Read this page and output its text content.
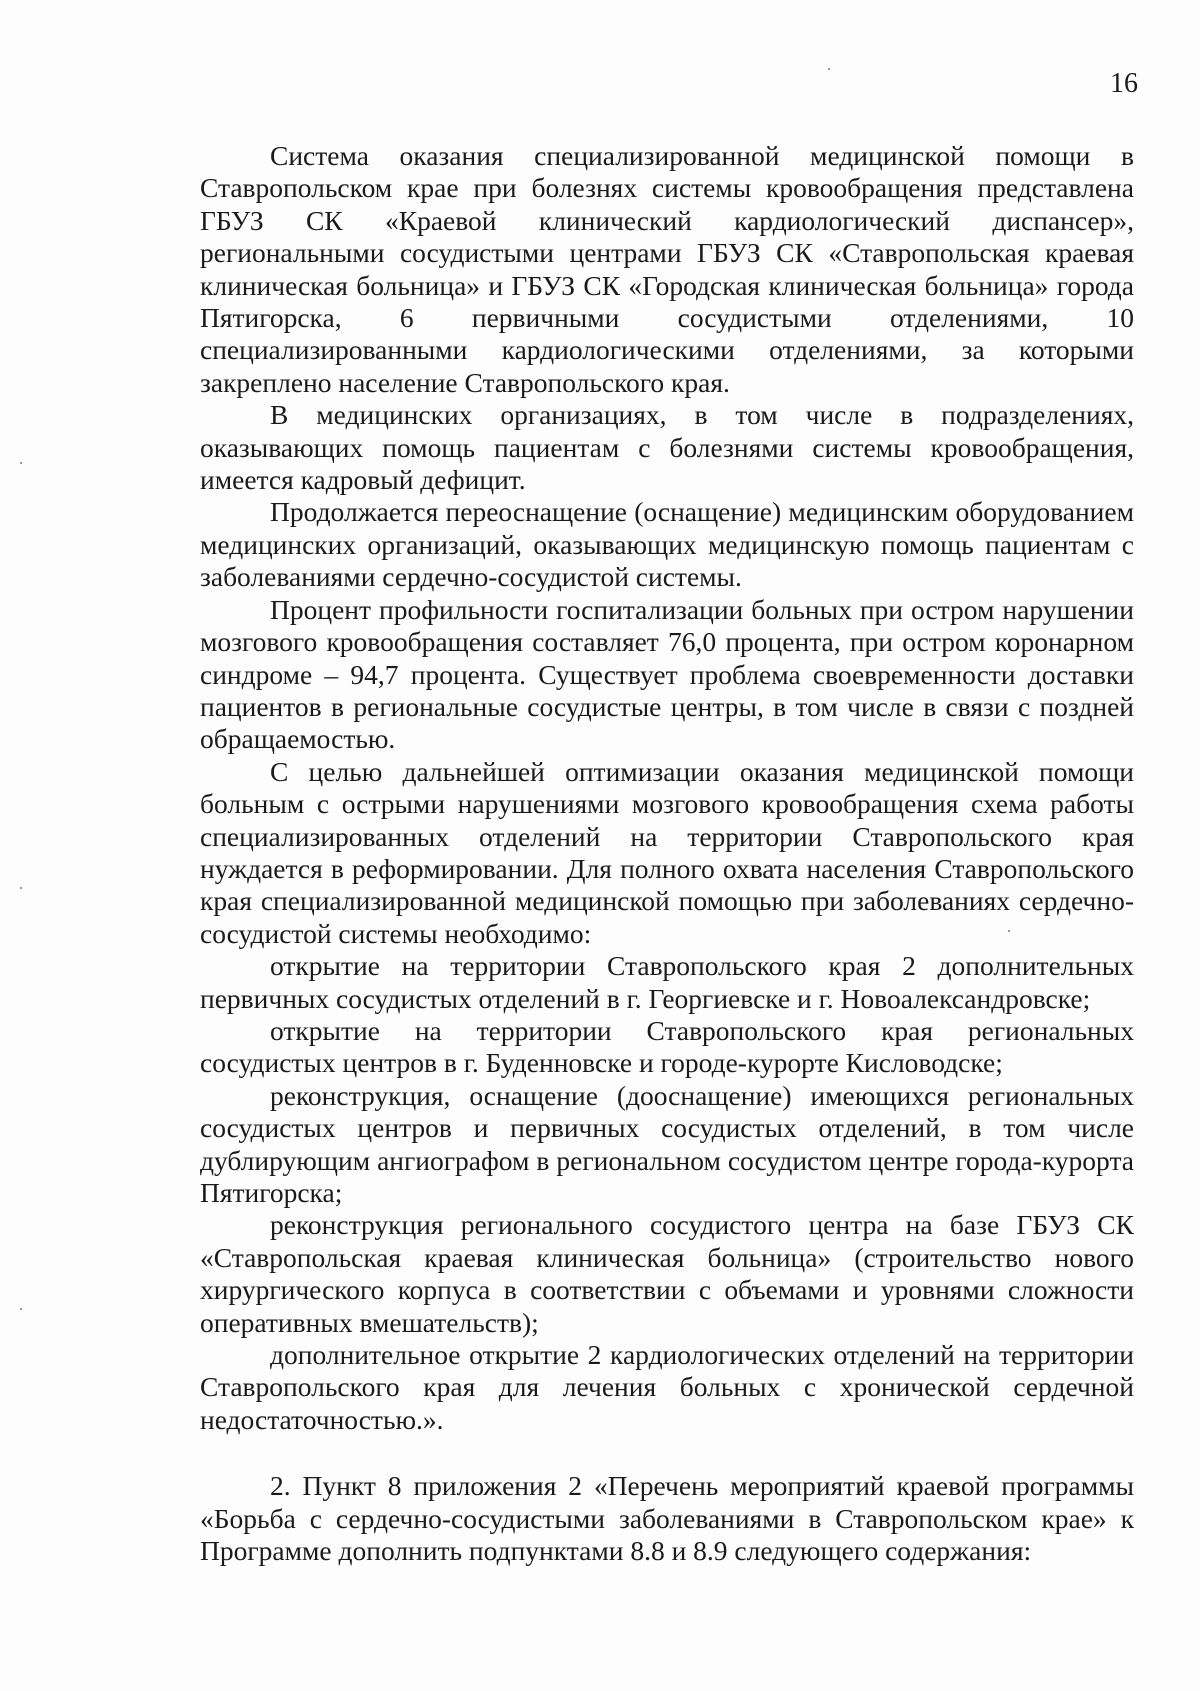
16

Система оказания специализированной медицинской помощи в Ставропольском крае при болезнях системы кровообращения представлена ГБУЗ СК «Краевой клинический кардиологический диспансер», региональными сосудистыми центрами ГБУЗ СК «Ставропольская краевая клиническая больница» и ГБУЗ СК «Городская клиническая больница» города Пятигорска, 6 первичными сосудистыми отделениями, 10 специализированными кардиологическими отделениями, за которыми закреплено население Ставропольского края.

В медицинских организациях, в том числе в подразделениях, оказывающих помощь пациентам с болезнями системы кровообращения, имеется кадровый дефицит.

Продолжается переоснащение (оснащение) медицинским оборудованием медицинских организаций, оказывающих медицинскую помощь пациентам с заболеваниями сердечно-сосудистой системы.

Процент профильности госпитализации больных при остром нарушении мозгового кровообращения составляет 76,0 процента, при остром коронарном синдроме – 94,7 процента. Существует проблема своевременности доставки пациентов в региональные сосудистые центры, в том числе в связи с поздней обращаемостью.

С целью дальнейшей оптимизации оказания медицинской помощи больным с острыми нарушениями мозгового кровообращения схема работы специализированных отделений на территории Ставропольского края нуждается в реформировании. Для полного охвата населения Ставропольского края специализированной медицинской помощью при заболеваниях сердечно-сосудистой системы необходимо:

открытие на территории Ставропольского края 2 дополнительных первичных сосудистых отделений в г. Георгиевске и г. Новоалександровске;

открытие на территории Ставропольского края региональных сосудистых центров в г. Буденновске и городе-курорте Кисловодске;

реконструкция, оснащение (дооснащение) имеющихся региональных сосудистых центров и первичных сосудистых отделений, в том числе дублирующим ангиографом в региональном сосудистом центре города-курорта Пятигорска;

реконструкция регионального сосудистого центра на базе ГБУЗ СК «Ставропольская краевая клиническая больница» (строительство нового хирургического корпуса в соответствии с объемами и уровнями сложности оперативных вмешательств);

дополнительное открытие 2 кардиологических отделений на территории Ставропольского края для лечения больных с хронической сердечной недостаточностью.».

2. Пункт 8 приложения 2 «Перечень мероприятий краевой программы «Борьба с сердечно-сосудистыми заболеваниями в Ставропольском крае» к Программе дополнить подпунктами 8.8 и 8.9 следующего содержания:
